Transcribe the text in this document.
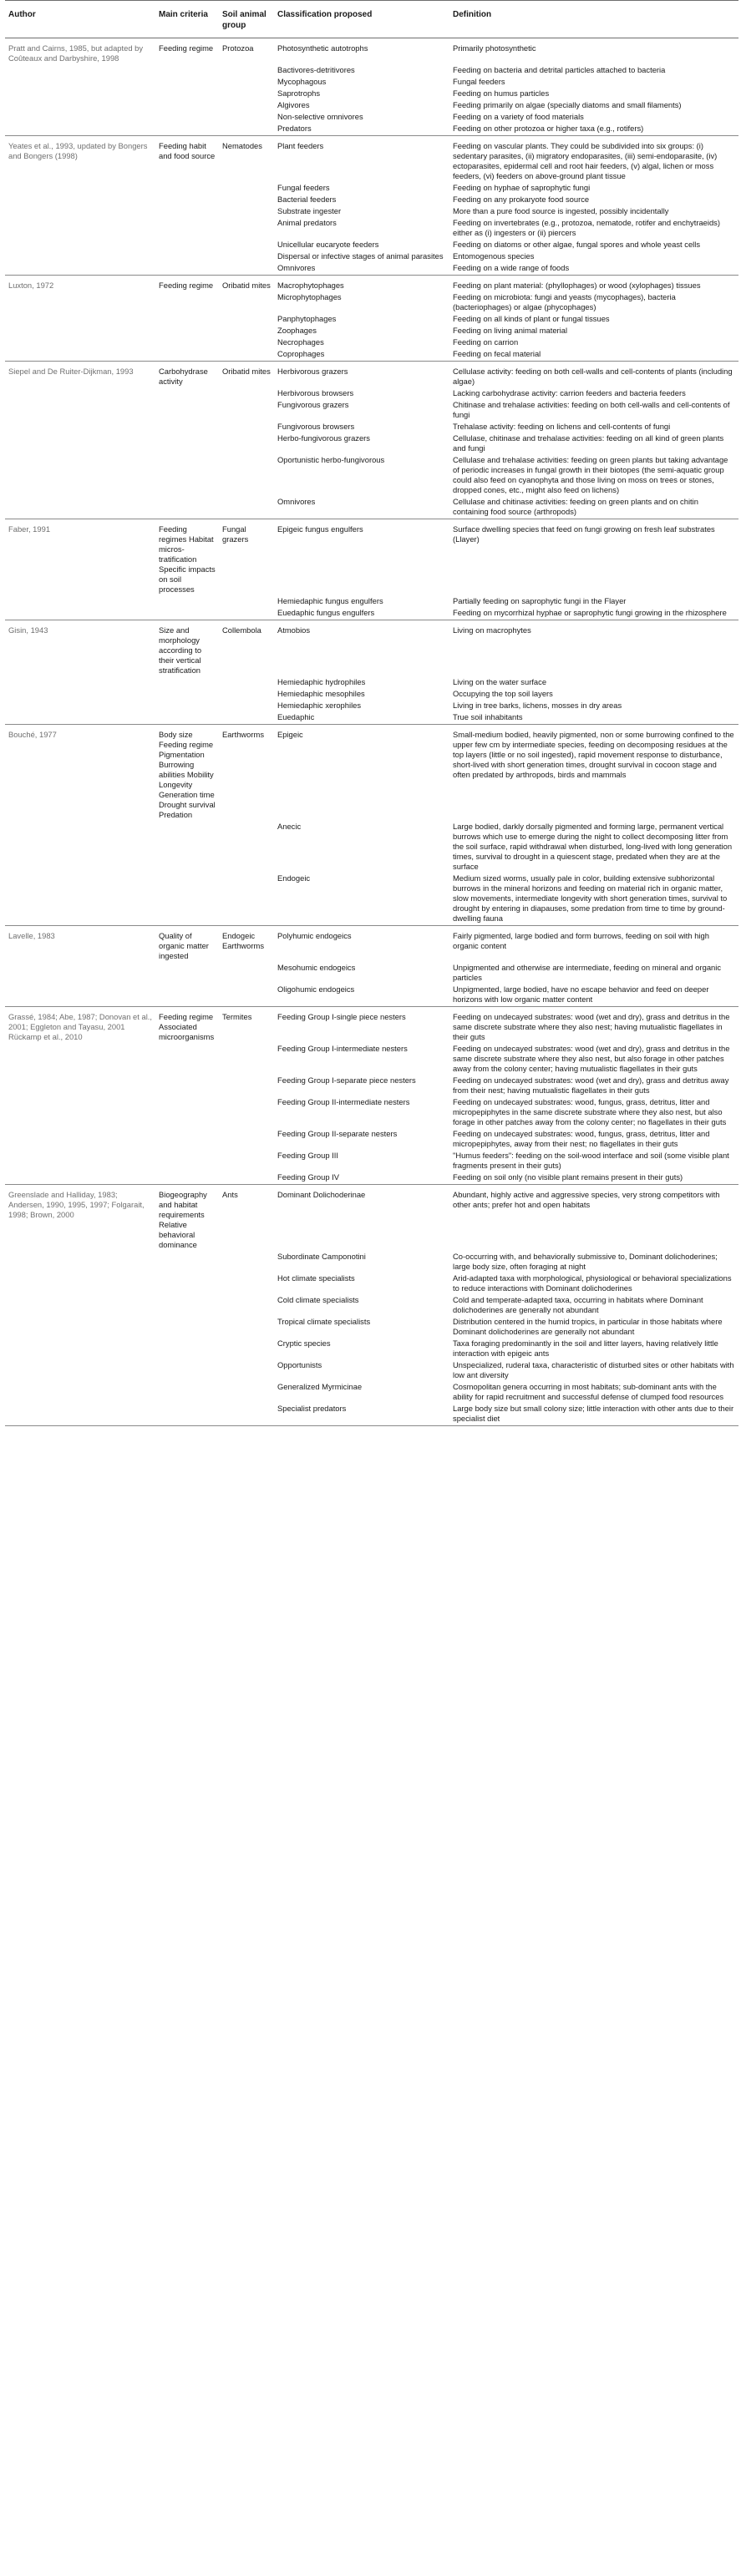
Author	Main criteria	Soil animal group	Classification proposed	Definition
Pratt and Cairns, 1985, but adapted by Coûteaux and Darbyshire, 1998	Feeding regime	Protozoa	Photosynthetic autotrophs	Primarily photosynthetic
			Bactivores-detritivores	Feeding on bacteria and detrital particles attached to bacteria
			Mycophagous	Fungal feeders
			Saprotrophs	Feeding on humus particles
			Algivores	Feeding primarily on algae (specially diatoms and small filaments)
			Non-selective omnivores	Feeding on a variety of food materials
			Predators	Feeding on other protozoa or higher taxa (e.g., rotifers)
Yeates et al., 1993, updated by Bongers and Bongers (1998)	Feeding habit and food source	Nematodes	Plant feeders	Feeding on vascular plants. They could be subdivided into six groups: (i) sedentary parasites, (ii) migratory endoparasites, (iii) semi-endoparasite, (iv) ectoparasites, epidermal cell and root hair feeders, (v) algal, lichen or moss feeders, (vi) feeders on above-ground plant tissue
			Fungal feeders	Feeding on hyphae of saprophytic fungi
			Bacterial feeders	Feeding on any prokaryote food source
			Substrate ingester	More than a pure food source is ingested, possibly incidentally
			Animal predators	Feeding on invertebrates (e.g., protozoa, nematode, rotifer and enchytraeids) either as (i) ingesters or (ii) piercers
			Unicellular eucaryote feeders	Feeding on diatoms or other algae, fungal spores and whole yeast cells
			Dispersal or infective stages of animal parasites	Entomogenous species
			Omnivores	Feeding on a wide range of foods
Luxton, 1972	Feeding regime	Oribatid mites	Macrophytophages	Feeding on plant material: (phyllophages) or wood (xylophages) tissues
			Microphytophages	Feeding on microbiota: fungi and yeasts (mycophages), bacteria (bacteriophages) or algae (phycophages)
			Panphytophages	Feeding on all kinds of plant or fungal tissues
			Zoophages	Feeding on living animal material
			Necrophages	Feeding on carrion
			Coprophages	Feeding on fecal material
Siepel and De Ruiter-Dijkman, 1993	Carbohydrase activity	Oribatid mites	Herbivorous grazers	Cellulase activity: feeding on both cell-walls and cell-contents of plants (including algae)
			Herbivorous browsers	Lacking carbohydrase activity: carrion feeders and bacteria feeders
			Fungivorous grazers	Chitinase and trehalase activities: feeding on both cell-walls and cell-contents of fungi
			Fungivorous browsers	Trehalase activity: feeding on lichens and cell-contents of fungi
			Herbo-fungivorous grazers	Cellulase, chitinase and trehalase activities: feeding on all kind of green plants and fungi
			Oportunistic herbo-fungivorous	Cellulase and trehalase activities: feeding on green plants but taking advantage of periodic increases in fungal growth in their biotopes (the semi-aquatic group could also feed on cyanophyta and those living on moss on trees or stones, dropped cones, etc., might also feed on lichens)
			Omnivores	Cellulase and chitinase activities: feeding on green plants and on chitin containing food source (arthropods)
Faber, 1991	Feeding regimes Habitat micros-tratification Specific impacts on soil processes	Fungal grazers	Epigeic fungus engulfers	Surface dwelling species that feed on fungi growing on fresh leaf substrates (Llayer)
			Hemiedaphic fungus engulfers	Partially feeding on saprophytic fungi in the Flayer
			Euedaphic fungus engulfers	Feeding on mycorrhizal hyphae or saprophytic fungi growing in the rhizosphere
Gisin, 1943	Size and morphology according to their vertical stratification	Collembola	Atmobios	Living on macrophytes
			Hemiedaphic hydrophiles	Living on the water surface
			Hemiedaphic mesophiles	Occupying the top soil layers
			Hemiedaphic xerophiles	Living in tree barks, lichens, mosses in dry areas
			Euedaphic	True soil inhabitants
Bouché, 1977	Body size Feeding regime Pigmentation Burrowing abilities Mobility Longevity Generation time Drought survival Predation	Earthworms	Epigeic	Small-medium bodied, heavily pigmented, non or some burrowing confined to the upper few cm by intermediate species, feeding on decomposing residues at the top layers (little or no soil ingested), rapid movement response to disturbance, short-lived with short generation times, drought survival in cocoon stage and often predated by arthropods, birds and mammals
			Anecic	Large bodied, darkly dorsally pigmented and forming large, permanent vertical burrows which use to emerge during the night to collect decomposing litter from the soil surface, rapid withdrawal when disturbed, long-lived with long generation times, survival to drought in a quiescent stage, predated when they are at the surface
			Endogeic	Medium sized worms, usually pale in color, building extensive subhorizontal burrows in the mineral horizons and feeding on material rich in organic matter, slow movements, intermediate longevity with short generation times, survival to drought by entering in diapauses, some predation from time to time by ground-dwelling fauna
Lavelle, 1983	Quality of organic matter ingested	Endogeic Earthworms	Polyhumic endogeics	Fairly pigmented, large bodied and form burrows, feeding on soil with high organic content
			Mesohumic endogeics	Unpigmented and otherwise are intermediate, feeding on mineral and organic particles
			Oligohumic endogeics	Unpigmented, large bodied, have no escape behavior and feed on deeper horizons with low organic matter content
Grassé, 1984; Abe, 1987; Donovan et al., 2001; Eggleton and Tayasu, 2001 Rückamp et al., 2010	Feeding regime Associated microorganisms	Termites	Feeding Group I-single piece nesters	Feeding on undecayed substrates: wood (wet and dry), grass and detritus in the same discrete substrate where they also nest; having mutualistic flagellates in their guts
			Feeding Group I-intermediate nesters	Feeding on undecayed substrates: wood (wet and dry), grass and detritus in the same discrete substrate where they also nest, but also forage in other patches away from the colony center; having mutualistic flagellates in their guts
			Feeding Group I-separate piece nesters	Feeding on undecayed substrates: wood (wet and dry), grass and detritus away from their nest; having mutualistic flagellates in their guts
			Feeding Group II-intermediate nesters	Feeding on undecayed substrates: wood, fungus, grass, detritus, litter and micropepiphytes in the same discrete substrate where they also nest, but also forage in other patches away from the colony center; no flagellates in their guts
			Feeding Group II-separate nesters	Feeding on undecayed substrates: wood, fungus, grass, detritus, litter and micropepiphytes, away from their nest; no flagellates in their guts
			Feeding Group III	"Humus feeders": feeding on the soil-wood interface and soil (some visible plant fragments present in their guts)
			Feeding Group IV	Feeding on soil only (no visible plant remains present in their guts)
Greenslade and Halliday, 1983; Andersen, 1990, 1995, 1997; Folgarait, 1998; Brown, 2000	Biogeography and habitat requirements Relative behavioral dominance	Ants	Dominant Dolichoderinae	Abundant, highly active and aggressive species, very strong competitors with other ants; prefer hot and open habitats
			Subordinate Camponotini	Co-occurring with, and behaviorally submissive to, Dominant dolichoderines; large body size, often foraging at night
			Hot climate specialists	Arid-adapted taxa with morphological, physiological or behavioral specializations to reduce interactions with Dominant dolichoderines
			Cold climate specialists	Cold and temperate-adapted taxa, occurring in habitats where Dominant dolichoderines are generally not abundant
			Tropical climate specialists	Distribution centered in the humid tropics, in particular in those habitats where Dominant dolichoderines are generally not abundant
			Cryptic species	Taxa foraging predominantly in the soil and litter layers, having relatively little interaction with epigeic ants
			Opportunists	Unspecialized, ruderal taxa, characteristic of disturbed sites or other habitats with low ant diversity
			Generalized Myrmicinae	Cosmopolitan genera occurring in most habitats; sub-dominant ants with the ability for rapid recruitment and successful defense of clumped food resources
			Specialist predators	Large body size but small colony size; little interaction with other ants due to their specialist diet
